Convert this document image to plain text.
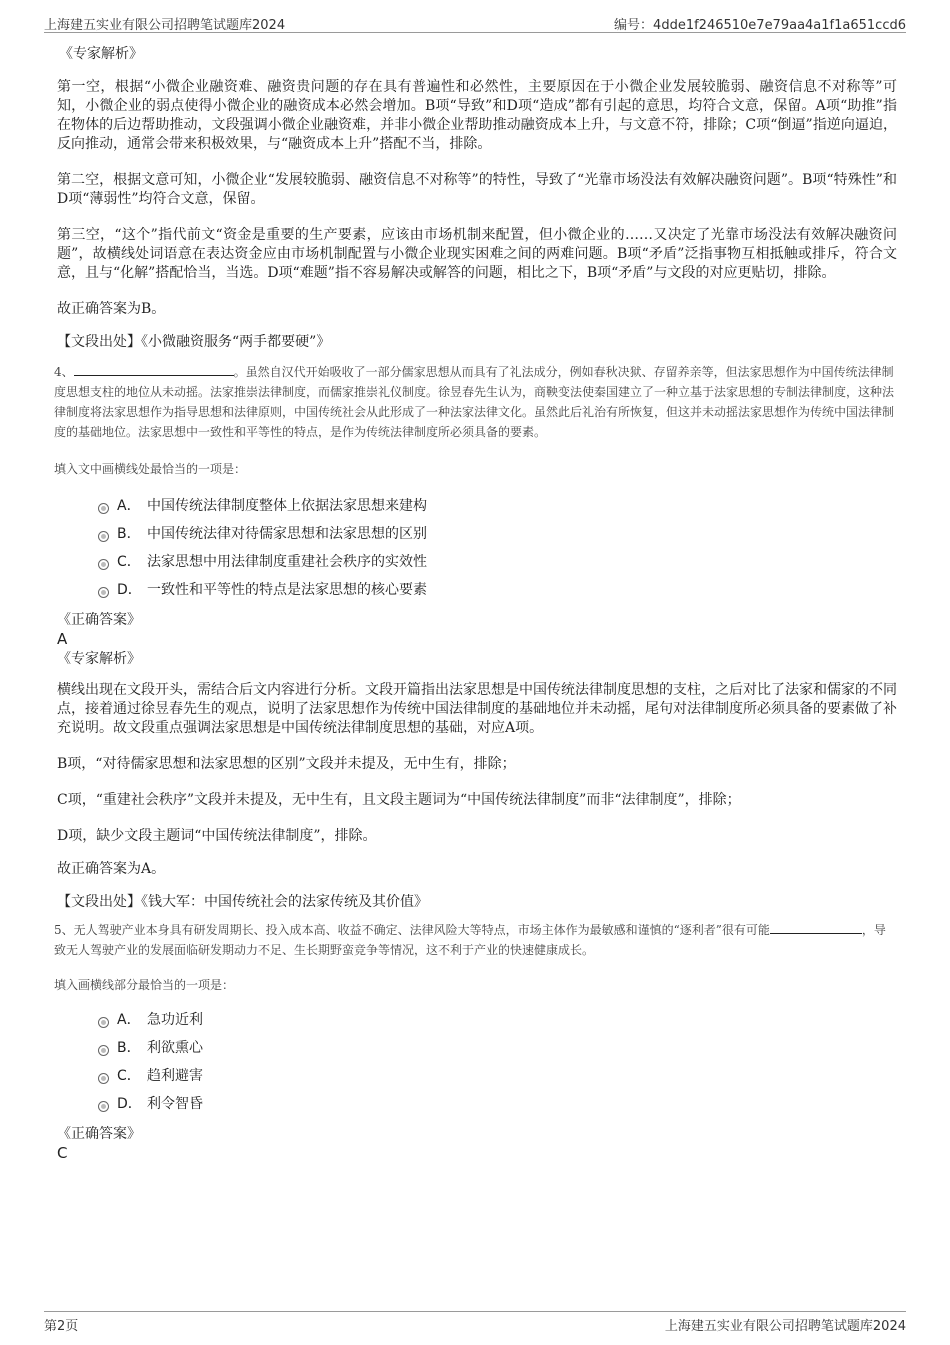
上海建五实业有限公司招聘笔试题库2024	编号：4dde1f246510e7e79aa4a1f1a651ccd6
《专家解析》

第一空，根据“小微企业融资难、融资贵问题的存在具有普遍性和必然性，主要原因在于小微企业发展较脆弱、融资信息不对称等”可知，小微企业的弱点使得小微企业的融资成本必然会增加。B项“导致”和D项“造成”都有引起的意思，均符合文意，保留。A项“助推”指在物体的后边帮助推动，文段强调小微企业融资难，并非小微企业帮助推动融资成本上升，与文意不符，排除；C项“倒逼”指逆向逼迫，反向推动，通常会带来积极效果，与“融资成本上升”搭配不当，排除。

第二空，根据文意可知，小微企业“发展较脆弱、融资信息不对称等”的特性，导致了“光靠市场没法有效解决融资问题”。B项“特殊性”和D项“薄弱性”均符合文意，保留。

第三空，“这个”指代前文“资金是重要的生产要素，应该由市场机制来配置，但小微企业的……又决定了光靠市场没法有效解决融资问题”，故横线处词语意在表达资金应由市场机制配置与小微企业现实困难之间的两难问题。B项“矛盾”泛指事物互相抵触或排斥，符合文意，且与“化解”搭配恰当，当选。D项“难题”指不容易解决或解答的问题，相比之下，B项“矛盾”与文段的对应更贴切，排除。

故正确答案为B。

【文段出处】《小微融资服务“两手都要硬”》

4、	。虽然自汉代开始吸收了一部分儒家思想从而具有了礼法成分，例如春秋决狱、存留养亲等，但法家思想作为中国传统法律制度思想支柱的地位从未动摇。法家推崇法律制度，而儒家推崇礼仪制度。徐昱春先生认为，商鞅变法使秦国建立了一种立基于法家思想的专制法律制度，这种法律制度将法家思想作为指导思想和法律原则，中国传统社会从此形成了一种法家法律文化。虽然此后礼治有所恢复，但这并未动摇法家思想作为传统中国法律制度的基础地位。法家思想中一致性和平等性的特点，是作为传统法律制度所必须具备的要素。

填入文中画横线处最恰当的一项是：
A． 中国传统法律制度整体上依据法家思想来建构
B． 中国传统法律对待儒家思想和法家思想的区别
C． 法家思想中用法律制度重建社会秩序的实效性
D． 一致性和平等性的特点是法家思想的核心要素
《正确答案》
A
《专家解析》

横线出现在文段开头，需结合后文内容进行分析。文段开篇指出法家思想是中国传统法律制度思想的支柱，之后对比了法家和儒家的不同点，接着通过徐昱春先生的观点，说明了法家思想作为传统中国法律制度的基础地位并未动摇，尾句对法律制度所必须具备的要素做了补充说明。故文段重点强调法家思想是中国传统法律制度思想的基础，对应A项。

B项，“对待儒家思想和法家思想的区别”文段并未提及，无中生有，排除；

C项，“重建社会秩序”文段并未提及，无中生有，且文段主题词为“中国传统法律制度”而非“法律制度”，排除；

D项，缺少文段主题词“中国传统法律制度”，排除。

故正确答案为A。

【文段出处】《钱大军：中国传统社会的法家传统及其价值》

5、无人驾驶产业本身具有研发周期长、投入成本高、收益不确定、法律风险大等特点，市场主体作为最敏感和谨慎的“逐利者”很有可能	，导致无人驾驶产业的发展面临研发期动力不足、生长期野蛮竞争等情况，这不利于产业的快速健康成长。

填入画横线部分最恰当的一项是：
A． 急功近利
B． 利欲熏心
C． 趋利避害
D． 利令智昏
《正确答案》
C
第2页	上海建五实业有限公司招聘笔试题库2024
